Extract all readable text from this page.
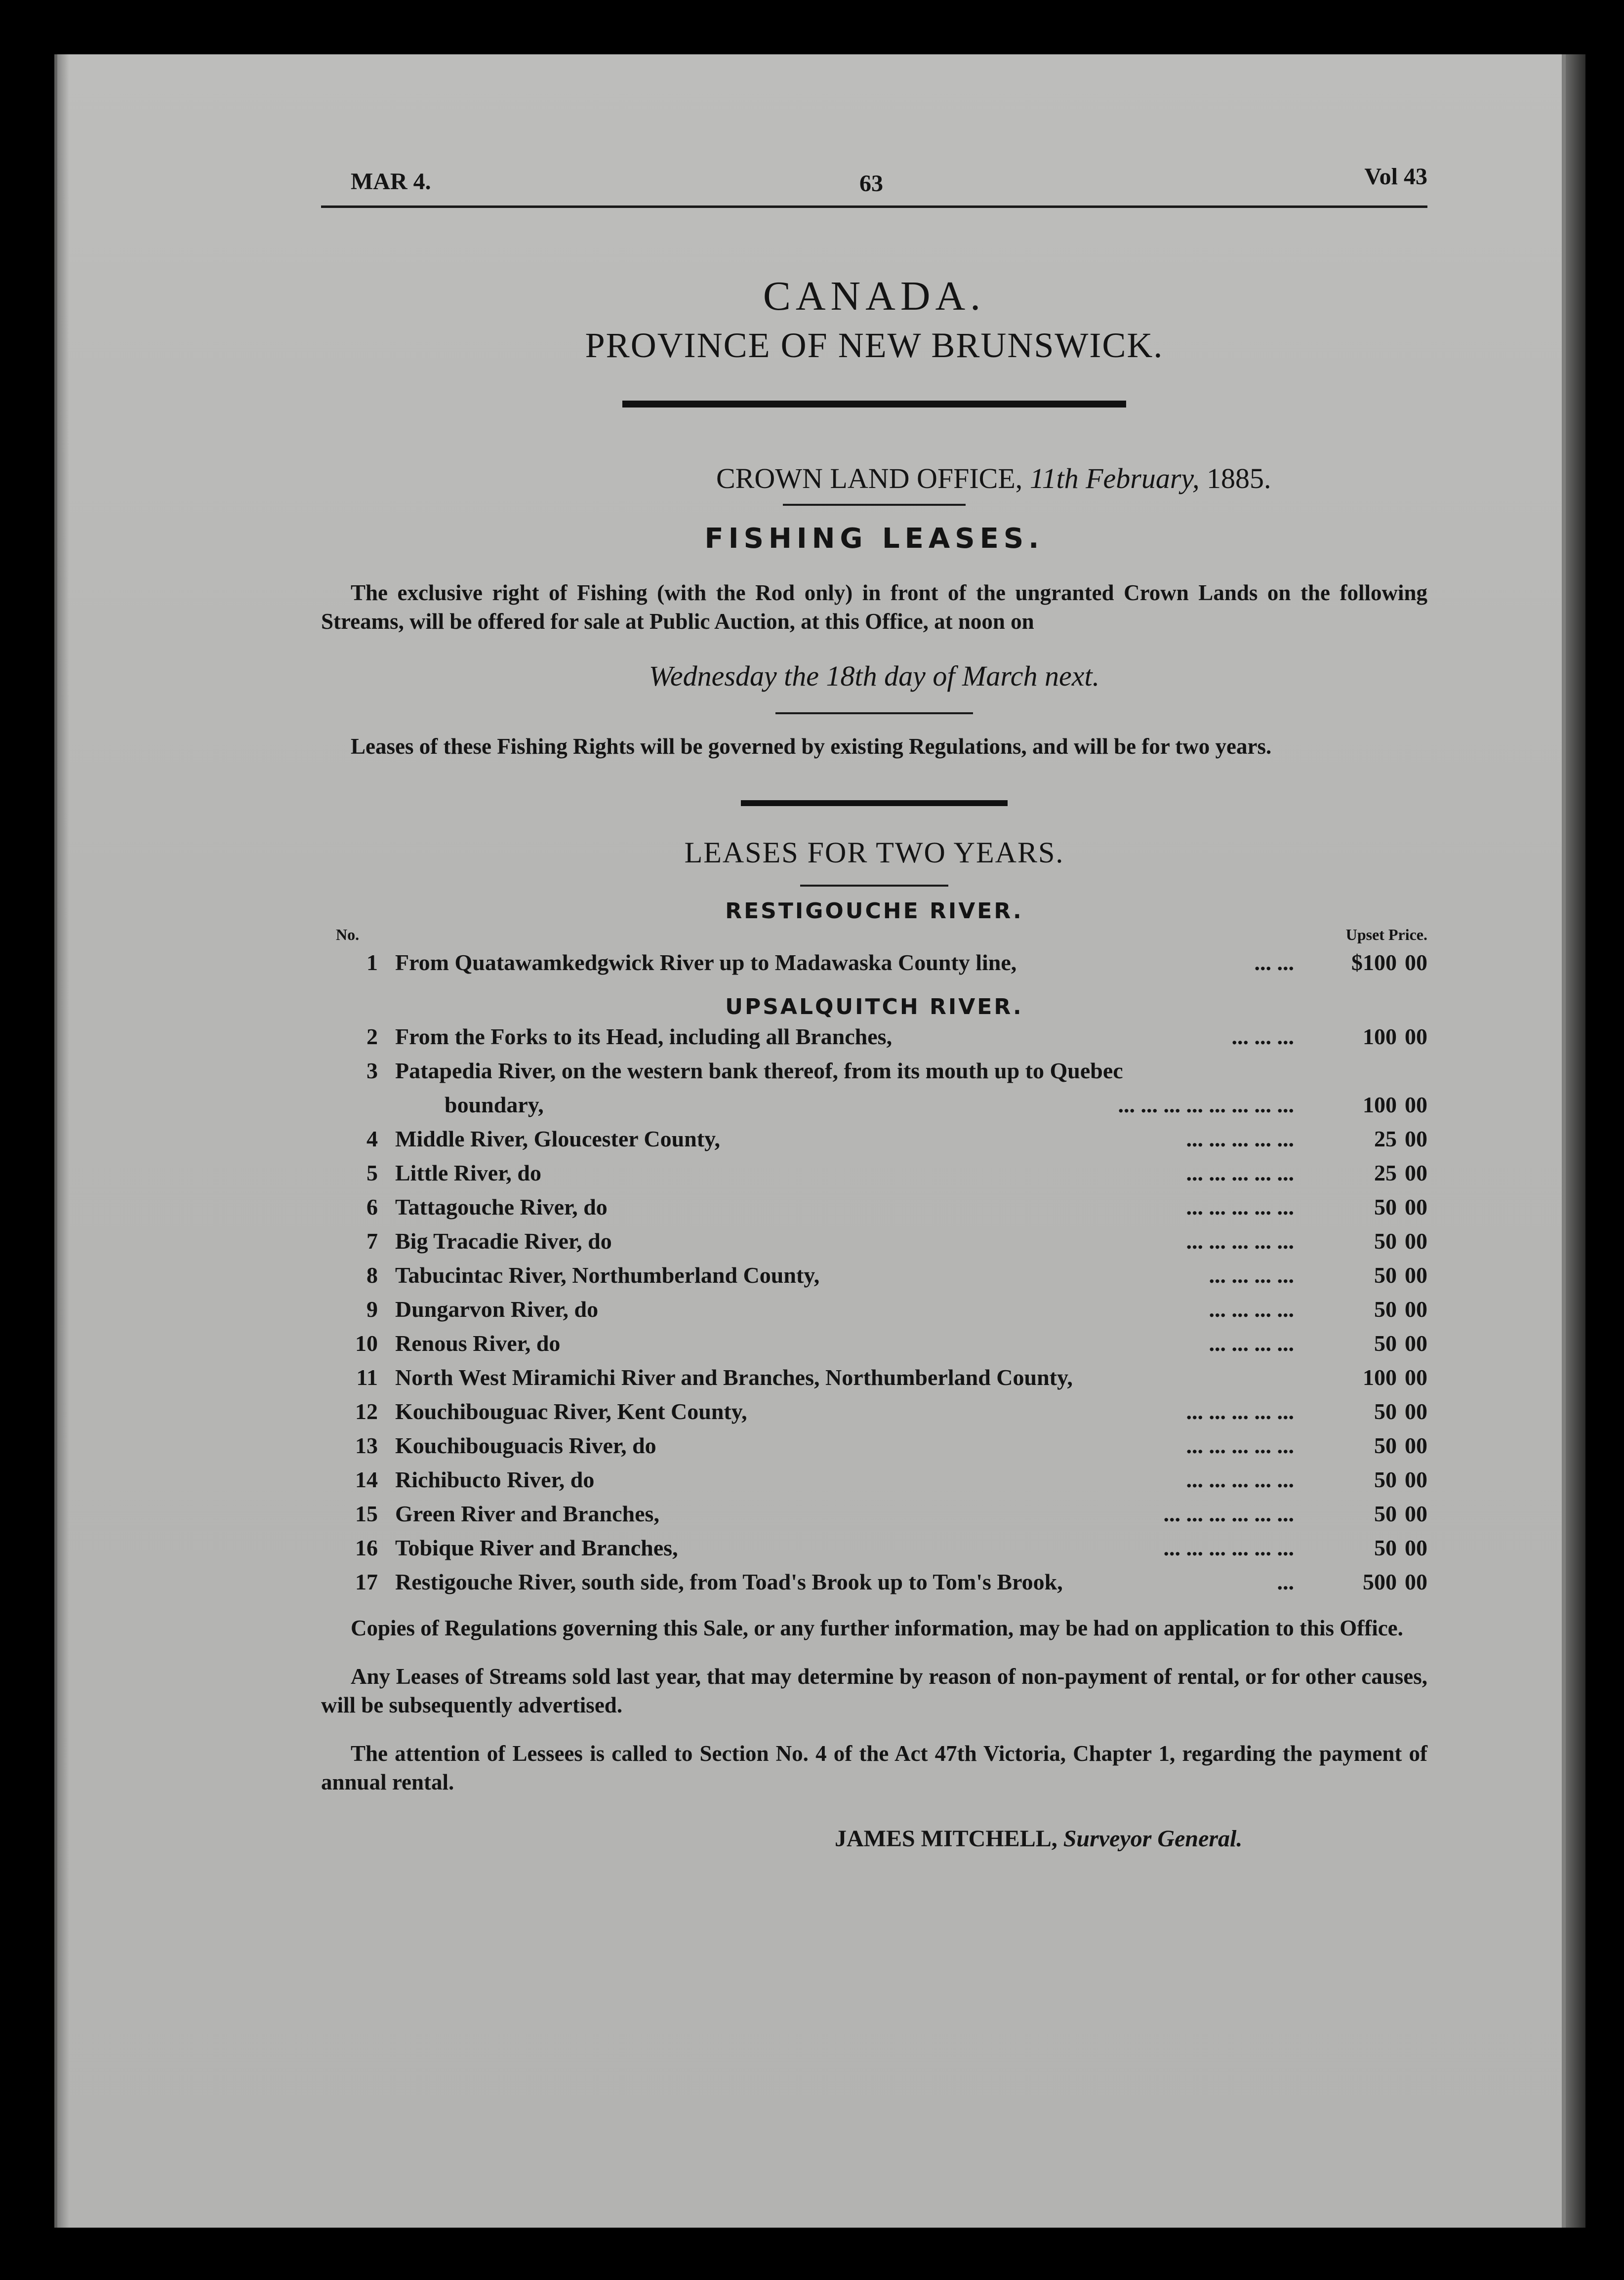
MAR 4.	63	Vol 43
CANADA.
PROVINCE OF NEW BRUNSWICK.
CROWN LAND OFFICE, 11th February, 1885.
FISHING LEASES.
The exclusive right of Fishing (with the Rod only) in front of the ungranted Crown Lands on the following Streams, will be offered for sale at Public Auction, at this Office, at noon on
Wednesday the 18th day of March next.
Leases of these Fishing Rights will be governed by existing Regulations, and will be for two years.
LEASES FOR TWO YEARS.
RESTIGOUCHE RIVER.
No.	Upset Price.
1 From Quatawamkedgwick River up to Madawaska County line,	$100 00
... ...
UPSALQUITCH RIVER.
2 From the Forks to its Head, including all Branches,	100 00
... ... ...
3 Patapedia River, on the western bank thereof, from its mouth up to Quebec
boundary,	100 00
... ... ... ... ... ... ... ...
4 Middle River, Gloucester County,	25 00
... ... ... ... ...
5 Little River, do	25 00
... ... ... ... ...
6 Tattagouche River, do	50 00
... ... ... ... ...
7 Big Tracadie River, do	50 00
... ... ... ... ...
8 Tabucintac River, Northumberland County,	50 00
... ... ... ...
9 Dungarvon River, do	50 00
... ... ... ...
10 Renous River, do	50 00
... ... ... ...
11 North West Miramichi River and Branches, Northumberland County,	100 00
12 Kouchibouguac River, Kent County,	50 00
... ... ... ... ...
13 Kouchibouguacis River, do	50 00
... ... ... ... ...
14 Richibucto River, do	50 00
... ... ... ... ...
15 Green River and Branches,	50 00
... ... ... ... ... ...
16 Tobique River and Branches,	50 00
... ... ... ... ... ...
17 Restigouche River, south side, from Toad's Brook up to Tom's Brook,	500 00
...
Copies of Regulations governing this Sale, or any further information, may be had on application to this Office.
Any Leases of Streams sold last year, that may determine by reason of non-payment of rental, or for other causes, will be subsequently advertised.
The attention of Lessees is called to Section No. 4 of the Act 47th Victoria, Chapter 1, regarding the payment of annual rental.
JAMES MITCHELL, Surveyor General.
